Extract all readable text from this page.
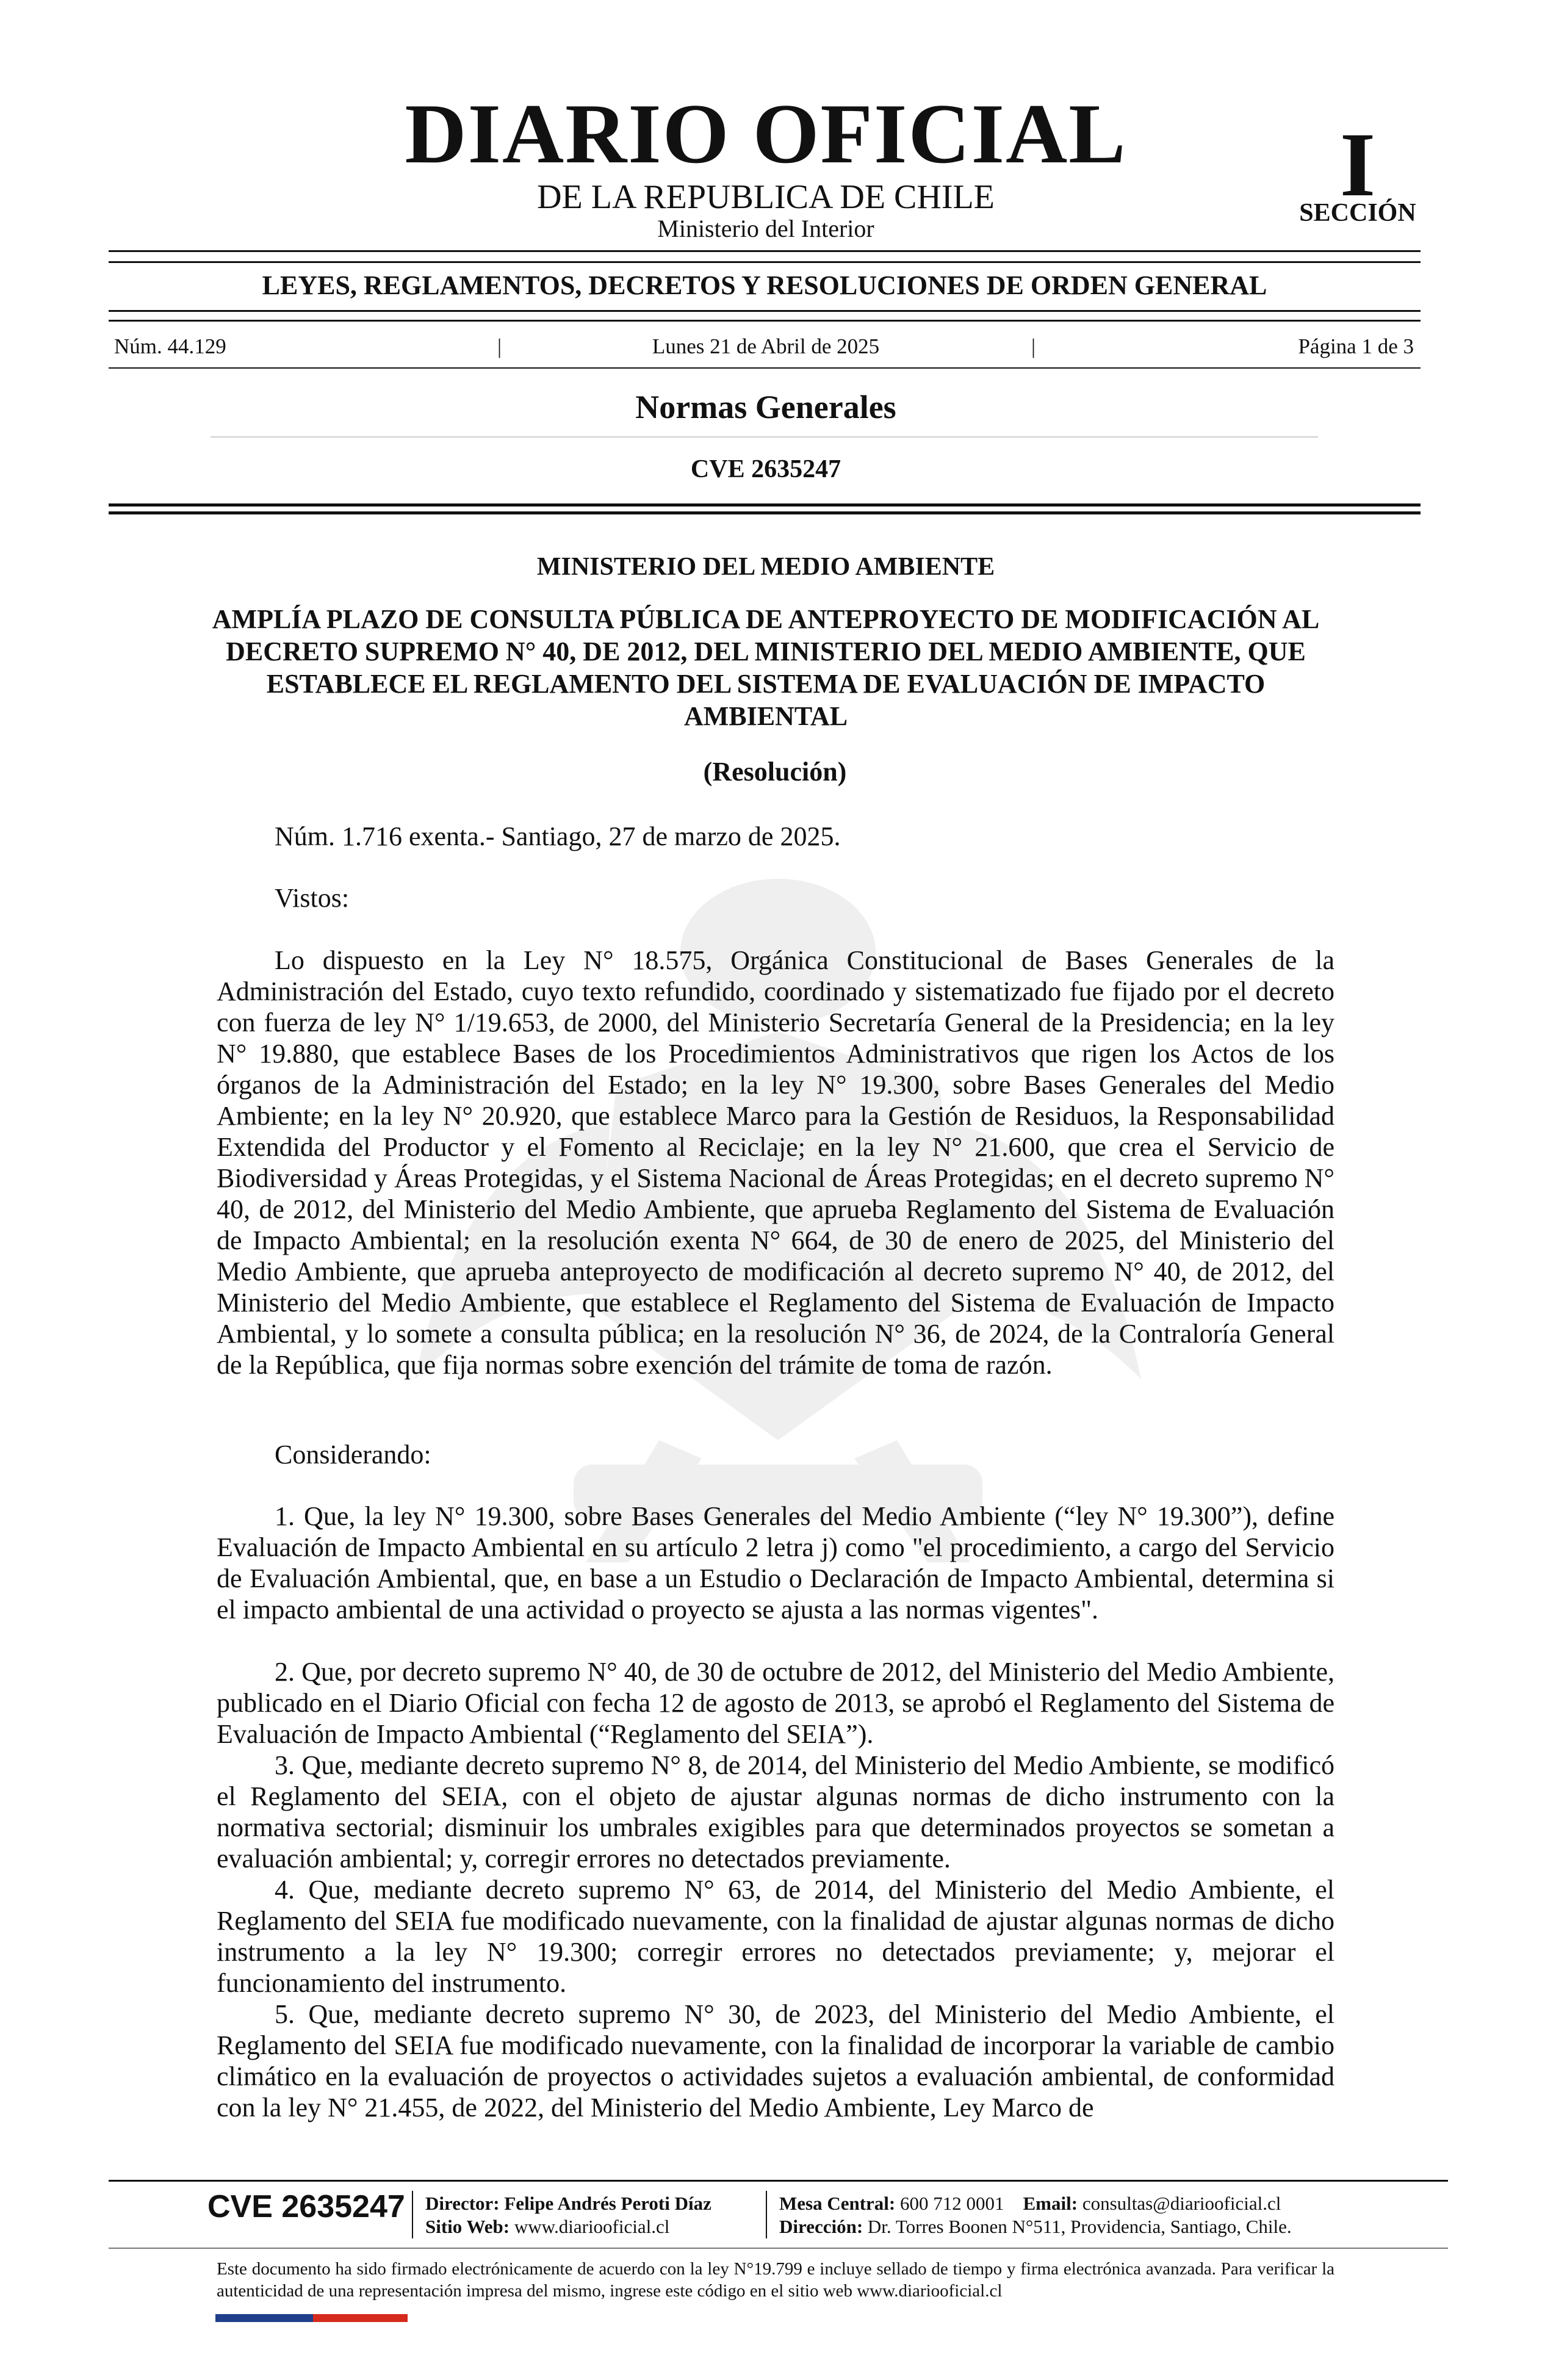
DIARIO OFICIAL
DE LA REPUBLICA DE CHILE
Ministerio del Interior
I
SECCIÓN
LEYES, REGLAMENTOS, DECRETOS Y RESOLUCIONES DE ORDEN GENERAL
Núm. 44.129	|	Lunes 21 de Abril de 2025	|	Página 1 de 3
Normas Generales
CVE 2635247
MINISTERIO DEL MEDIO AMBIENTE
AMPLÍA PLAZO DE CONSULTA PÚBLICA DE ANTEPROYECTO DE MODIFICACIÓN AL DECRETO SUPREMO N° 40, DE 2012, DEL MINISTERIO DEL MEDIO AMBIENTE, QUE ESTABLECE EL REGLAMENTO DEL SISTEMA DE EVALUACIÓN DE IMPACTO AMBIENTAL
(Resolución)

Núm. 1.716 exenta.- Santiago, 27 de marzo de 2025.

Vistos:

Lo dispuesto en la Ley N° 18.575, Orgánica Constitucional de Bases Generales de la Administración del Estado, cuyo texto refundido, coordinado y sistematizado fue fijado por el decreto con fuerza de ley N° 1/19.653, de 2000, del Ministerio Secretaría General de la Presidencia; en la ley N° 19.880, que establece Bases de los Procedimientos Administrativos que rigen los Actos de los órganos de la Administración del Estado; en la ley N° 19.300, sobre Bases Generales del Medio Ambiente; en la ley N° 20.920, que establece Marco para la Gestión de Residuos, la Responsabilidad Extendida del Productor y el Fomento al Reciclaje; en la ley N° 21.600, que crea el Servicio de Biodiversidad y Áreas Protegidas, y el Sistema Nacional de Áreas Protegidas; en el decreto supremo N° 40, de 2012, del Ministerio del Medio Ambiente, que aprueba Reglamento del Sistema de Evaluación de Impacto Ambiental; en la resolución exenta N° 664, de 30 de enero de 2025, del Ministerio del Medio Ambiente, que aprueba anteproyecto de modificación al decreto supremo N° 40, de 2012, del Ministerio del Medio Ambiente, que establece el Reglamento del Sistema de Evaluación de Impacto Ambiental, y lo somete a consulta pública; en la resolución N° 36, de 2024, de la Contraloría General de la República, que fija normas sobre exención del trámite de toma de razón.

Considerando:

1. Que, la ley N° 19.300, sobre Bases Generales del Medio Ambiente (“ley N° 19.300”), define Evaluación de Impacto Ambiental en su artículo 2 letra j) como "el procedimiento, a cargo del Servicio de Evaluación Ambiental, que, en base a un Estudio o Declaración de Impacto Ambiental, determina si el impacto ambiental de una actividad o proyecto se ajusta a las normas vigentes".

2. Que, por decreto supremo N° 40, de 30 de octubre de 2012, del Ministerio del Medio Ambiente, publicado en el Diario Oficial con fecha 12 de agosto de 2013, se aprobó el Reglamento del Sistema de Evaluación de Impacto Ambiental (“Reglamento del SEIA”).

3. Que, mediante decreto supremo N° 8, de 2014, del Ministerio del Medio Ambiente, se modificó el Reglamento del SEIA, con el objeto de ajustar algunas normas de dicho instrumento con la normativa sectorial; disminuir los umbrales exigibles para que determinados proyectos se sometan a evaluación ambiental; y, corregir errores no detectados previamente.

4. Que, mediante decreto supremo N° 63, de 2014, del Ministerio del Medio Ambiente, el Reglamento del SEIA fue modificado nuevamente, con la finalidad de ajustar algunas normas de dicho instrumento a la ley N° 19.300; corregir errores no detectados previamente; y, mejorar el funcionamiento del instrumento.

5. Que, mediante decreto supremo N° 30, de 2023, del Ministerio del Medio Ambiente, el Reglamento del SEIA fue modificado nuevamente, con la finalidad de incorporar la variable de cambio climático en la evaluación de proyectos o actividades sujetos a evaluación ambiental, de conformidad con la ley N° 21.455, de 2022, del Ministerio del Medio Ambiente, Ley Marco de

CVE 2635247 Director: Felipe Andrés Peroti Díaz
Sitio Web: www.diariooficial.cl
Mesa Central: 600 712 0001 Email: consultas@diariooficial.cl
Dirección: Dr. Torres Boonen N°511, Providencia, Santiago, Chile.
Este documento ha sido firmado electrónicamente de acuerdo con la ley N°19.799 e incluye sellado de tiempo y firma electrónica avanzada. Para verificar la autenticidad de una representación impresa del mismo, ingrese este código en el sitio web www.diariooficial.cl
